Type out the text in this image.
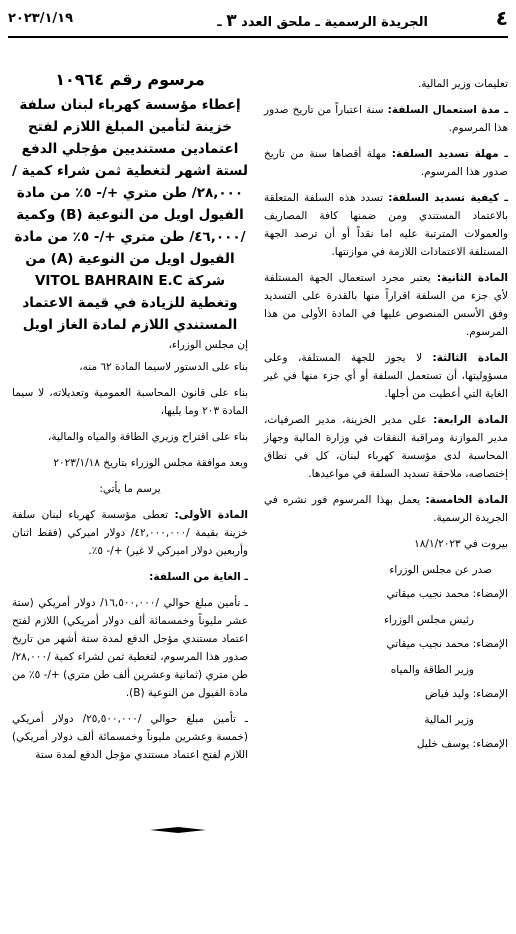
٤
الجريدة الرسمية ـ ملحق العدد ٣ ـ
٢٠٢٣/١/١٩

تعليمات وزير المالية.

ـ مدة استعمال السلفة: سنة اعتباراً من تاريخ صدور هذا المرسوم.

ـ مهلة تسديد السلفة: مهلة أقصاها سنة من تاريخ صدور هذا المرسوم.

ـ كيفية تسديد السلفة: تسدد هذه السلفة المتعلقة بالاعتماد المستندي ومن ضمنها كافة المصاريف والعمولات المترتبة عليه اما نقداً أو أن ترصد الجهة المستلفة الاعتمادات اللازمة في موازنتها.

المادة الثانية: يعتبر مجرد استعمال الجهة المستلفة لأي جزء من السلفة اقراراً منها بالقدرة على التسديد وفق الأسس المنصوص عليها في المادة الأولى من هذا المرسوم.

المادة الثالثة: لا يجوز للجهة المستلفة، وعلى مسؤوليتها، أن تستعمل السلفة أو أي جزء منها في غير الغاية التي أعطيت من أجلها.

المادة الرابعة: على مدير الخزينة، مدير الصرفيات، مدير الموازنة ومراقبة النفقات في وزارة المالية وجهاز المحاسبة لدى مؤسسة كهرباء لبنان، كل في نطاق إختصاصه، ملاحقة تسديد السلفة في مواعيدها.

المادة الخامسة: يعمل بهذا المرسوم فور نشره في الجريدة الرسمية.

بيروت في ١٨/١/٢٠٢٣

صدر عن مجلس الوزراء

الإمضاء: محمد نجيب ميقاتي

رئيس مجلس الوزراء

الإمضاء: محمد نجيب ميقاتي

وزير الطاقة والمياه

الإمضاء: وليد فياض

وزير المالية

الإمضاء: يوسف خليل

مرسوم رقم ١٠٩٦٤

إعطاء مؤسسة كهرباء لبنان سلفة خزينة لتأمين المبلغ اللازم لفتح اعتمادين مستنديين مؤجلي الدفع لستة اشهر لتغطية ثمن شراء كمية /٢٨,٠٠٠/ طن متري +/- ٥٪ من مادة الفيول اويل من النوعية (B) وكمية /٤٦,٠٠٠/ طن متري +/- ٥٪ من مادة الفيول اويل من النوعية (A) من شركة VITOL BAHRAIN E.C وتغطية للزيادة في قيمة الاعتماد المستندي اللازم لمادة الغاز اويل

إن مجلس الوزراء،

بناء على الدستور لاسيما المادة ٦٢ منه،

بناء على قانون المحاسبة العمومية وتعديلاته، لا سيما المادة ٢٠٣ وما يليها،

بناء على اقتراح وزيري الطاقة والمياه والمالية،

وبعد موافقة مجلس الوزراء بتاريخ ٢٠٢٣/١/١٨

يرسم ما يأتي:

المادة الأولى: تعطى مؤسسة كهرباء لبنان سلفة خزينة بقيمة /٤٢,٠٠٠,٠٠٠/ دولار اميركي (فقط اثنان وأربعين دولار اميركي لا غير) +/- ٥٪.

ـ الغاية من السلفة:

ـ تأمين مبلغ حوالي /١٦,٥٠٠,٠٠٠/ دولار أمريكي (ستة عشر مليوناً وخمسمائة ألف دولار أمريكي) اللازم لفتح اعتماد مستندي مؤجل الدفع لمدة ستة أشهر من تاريخ صدور هذا المرسوم، لتغطية ثمن لشراء كمية /٢٨,٠٠٠/ طن متري (ثمانية وعشرين ألف طن متري) +/- ٥٪ من مادة الفيول من النوعية (B).

ـ تأمين مبلغ حوالي /٢٥,٥٠٠,٠٠٠/ دولار أمريكي (خمسة وعشرين مليوناً وخمسمائة ألف دولار أمريكي) اللازم لفتح اعتماد مستندي مؤجل الدفع لمدة ستة
